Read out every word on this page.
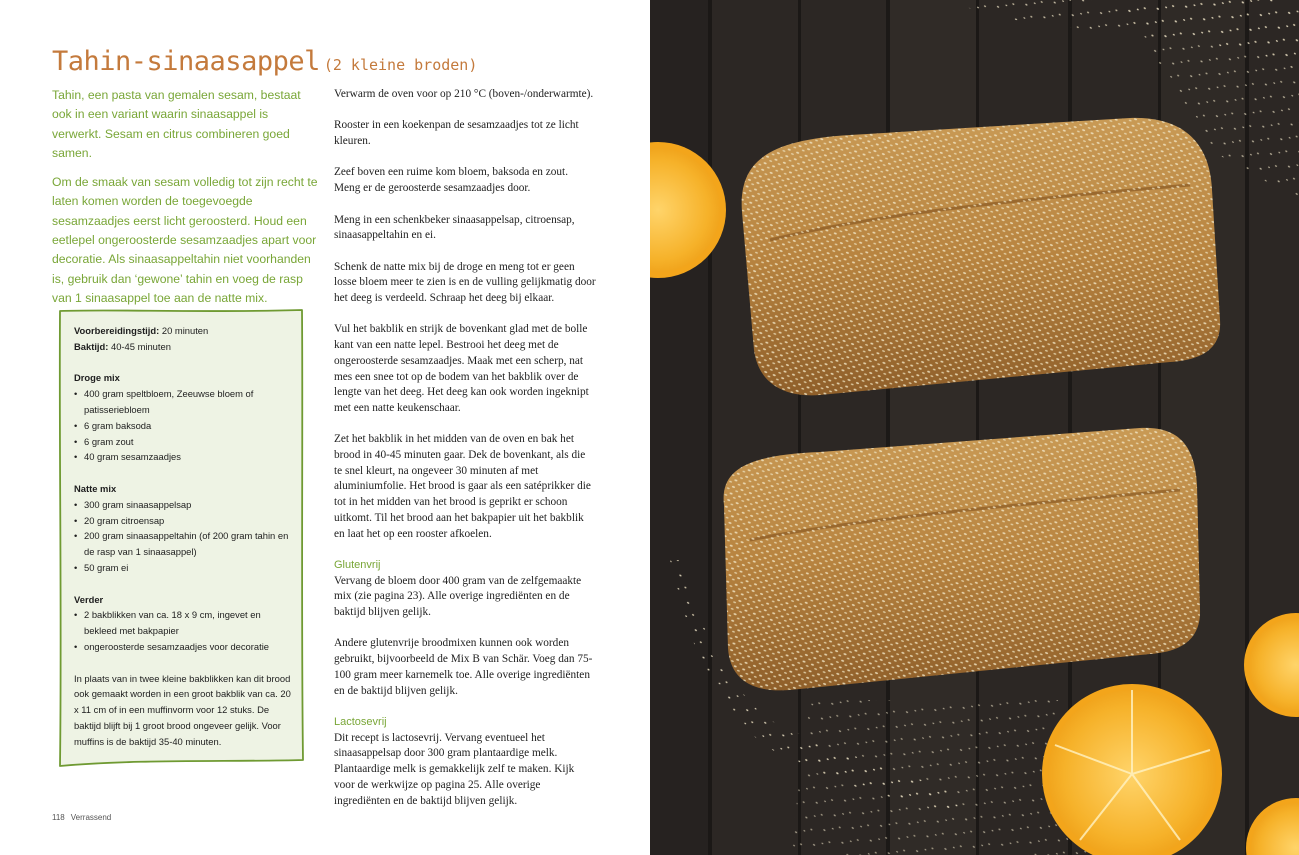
Tahin-sinaasappel (2 kleine broden)

Tahin, een pasta van gemalen sesam, bestaat ook in een variant waarin sinaasappel is verwerkt. Sesam en citrus combineren goed samen.

Om de smaak van sesam volledig tot zijn recht te laten komen worden de toegevoegde sesamzaadjes eerst licht geroosterd. Houd een eetlepel ongeroosterde sesamzaadjes apart voor decoratie. Als sinaasappeltahin niet voorhanden is, gebruik dan ‘gewone’ tahin en voeg de rasp van 1 sinaasappel toe aan de natte mix.

Voorbereidingstijd: 20 minuten
Baktijd: 40-45 minuten
Droge mix
• 400 gram speltbloem, Zeeuwse bloem of patisseriebloem
• 6 gram baksoda
• 6 gram zout
• 40 gram sesamzaadjes
Natte mix
• 300 gram sinaasappelsap
• 20 gram citroensap
• 200 gram sinaasappeltahin (of 200 gram tahin en de rasp van 1 sinaasappel)
• 50 gram ei
Verder
• 2 bakblikken van ca. 18 x 9 cm, ingevet en bekleed met bakpapier
• ongeroosterde sesamzaadjes voor decoratie
In plaats van in twee kleine bakblikken kan dit brood ook gemaakt worden in een groot bakblik van ca. 20 x 11 cm of in een muffinvorm voor 12 stuks. De baktijd blijft bij 1 groot brood ongeveer gelijk. Voor muffins is de baktijd 35-40 minuten.

Verwarm de oven voor op 210 °C (boven-/onderwarmte).

Rooster in een koekenpan de sesamzaadjes tot ze licht kleuren.

Zeef boven een ruime kom bloem, baksoda en zout. Meng er de geroosterde sesamzaadjes door.

Meng in een schenkbeker sinaasappelsap, citroensap, sinaasappeltahin en ei.

Schenk de natte mix bij de droge en meng tot er geen losse bloem meer te zien is en de vulling gelijkmatig door het deeg is verdeeld. Schraap het deeg bij elkaar.

Vul het bakblik en strijk de bovenkant glad met de bolle kant van een natte lepel. Bestrooi het deeg met de ongeroosterde sesamzaadjes. Maak met een scherp, nat mes een snee tot op de bodem van het bakblik over de lengte van het deeg. Het deeg kan ook worden ingeknipt met een natte keukenschaar.

Zet het bakblik in het midden van de oven en bak het brood in 40-45 minuten gaar. Dek de bovenkant, als die te snel kleurt, na ongeveer 30 minuten af met aluminiumfolie. Het brood is gaar als een satéprikker die tot in het midden van het brood is geprikt er schoon uitkomt. Til het brood aan het bakpapier uit het bakblik en laat het op een rooster afkoelen.

Glutenvrij

Vervang de bloem door 400 gram van de zelfgemaakte mix (zie pagina 23). Alle overige ingrediënten en de baktijd blijven gelijk.

Andere glutenvrije broodmixen kunnen ook worden gebruikt, bijvoorbeeld de Mix B van Schär. Voeg dan 75-100 gram meer karnemelk toe. Alle overige ingrediënten en de baktijd blijven gelijk.

Lactosevrij

Dit recept is lactosevrij. Vervang eventueel het sinaasappelsap door 300 gram plantaardige melk. Plantaardige melk is gemakkelijk zelf te maken. Kijk voor de werkwijze op pagina 25. Alle overige ingrediënten en de baktijd blijven gelijk.

118 Verrassend
